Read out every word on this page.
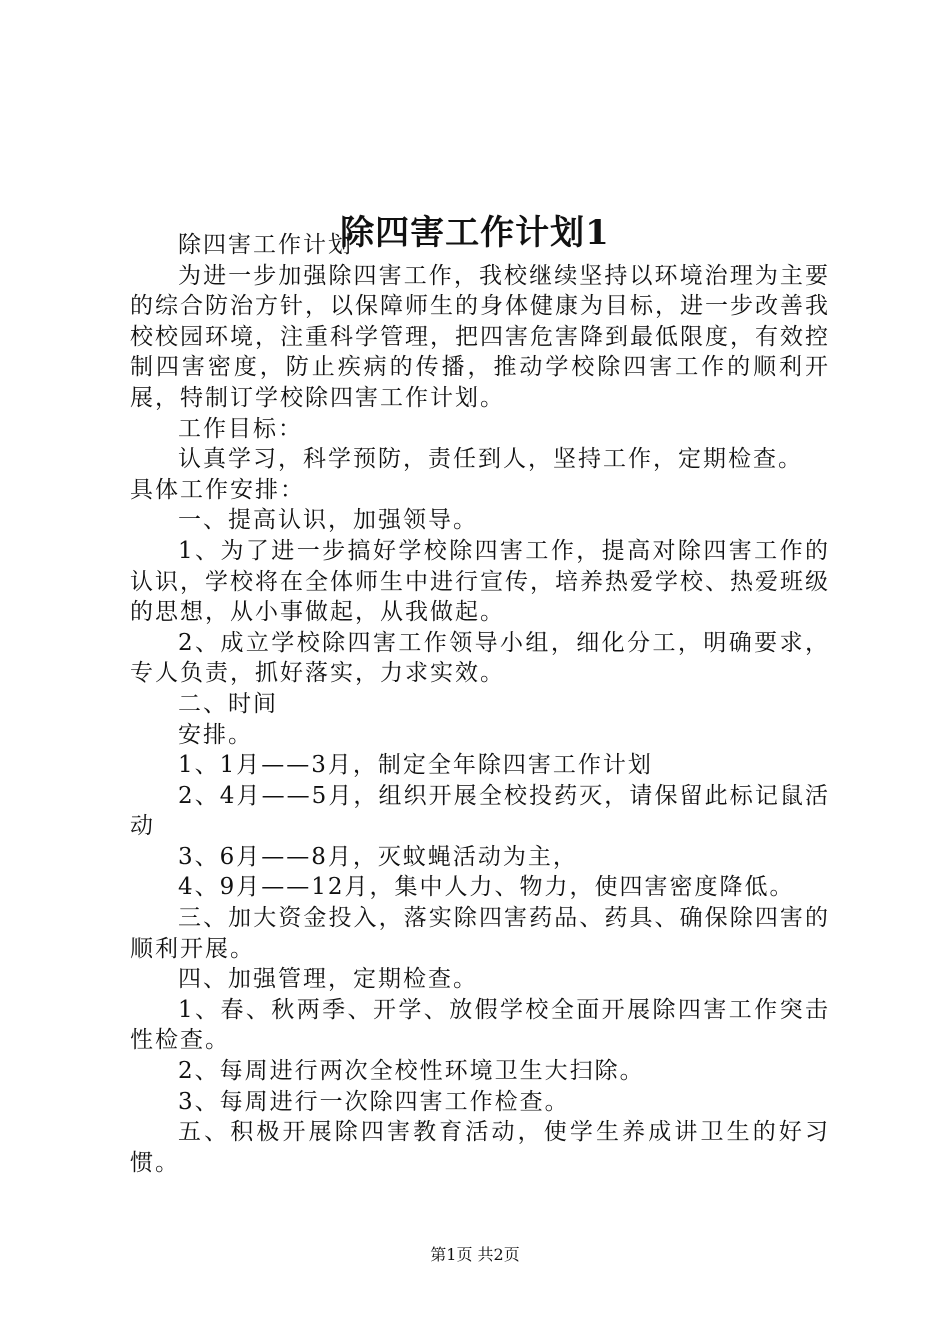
除四害工作计划1

除四害工作计划

为进一步加强除四害工作，我校继续坚持以环境治理为主要的综合防治方针，以保障师生的身体健康为目标，进一步改善我校校园环境，注重科学管理，把四害危害降到最低限度，有效控制四害密度，防止疾病的传播，推动学校除四害工作的顺利开展，特制订学校除四害工作计划。

工作目标：

认真学习，科学预防，责任到人，坚持工作，定期检查。

具体工作安排：

一、提高认识，加强领导。

1、为了进一步搞好学校除四害工作，提高对除四害工作的认识，学校将在全体师生中进行宣传，培养热爱学校、热爱班级的思想，从小事做起，从我做起。

2、成立学校除四害工作领导小组，细化分工，明确要求，专人负责，抓好落实，力求实效。

二、时间

安排。

1、1月——3月，制定全年除四害工作计划

2、4月——5月，组织开展全校投药灭，请保留此标记鼠活动

3、6月——8月，灭蚊蝇活动为主，

4、9月——12月，集中人力、物力，使四害密度降低。

三、加大资金投入，落实除四害药品、药具、确保除四害的顺利开展。

四、加强管理，定期检查。

1、春、秋两季、开学、放假学校全面开展除四害工作突击性检查。

2、每周进行两次全校性环境卫生大扫除。

3、每周进行一次除四害工作检查。

五、积极开展除四害教育活动，使学生养成讲卫生的好习惯。

第1页 共2页
